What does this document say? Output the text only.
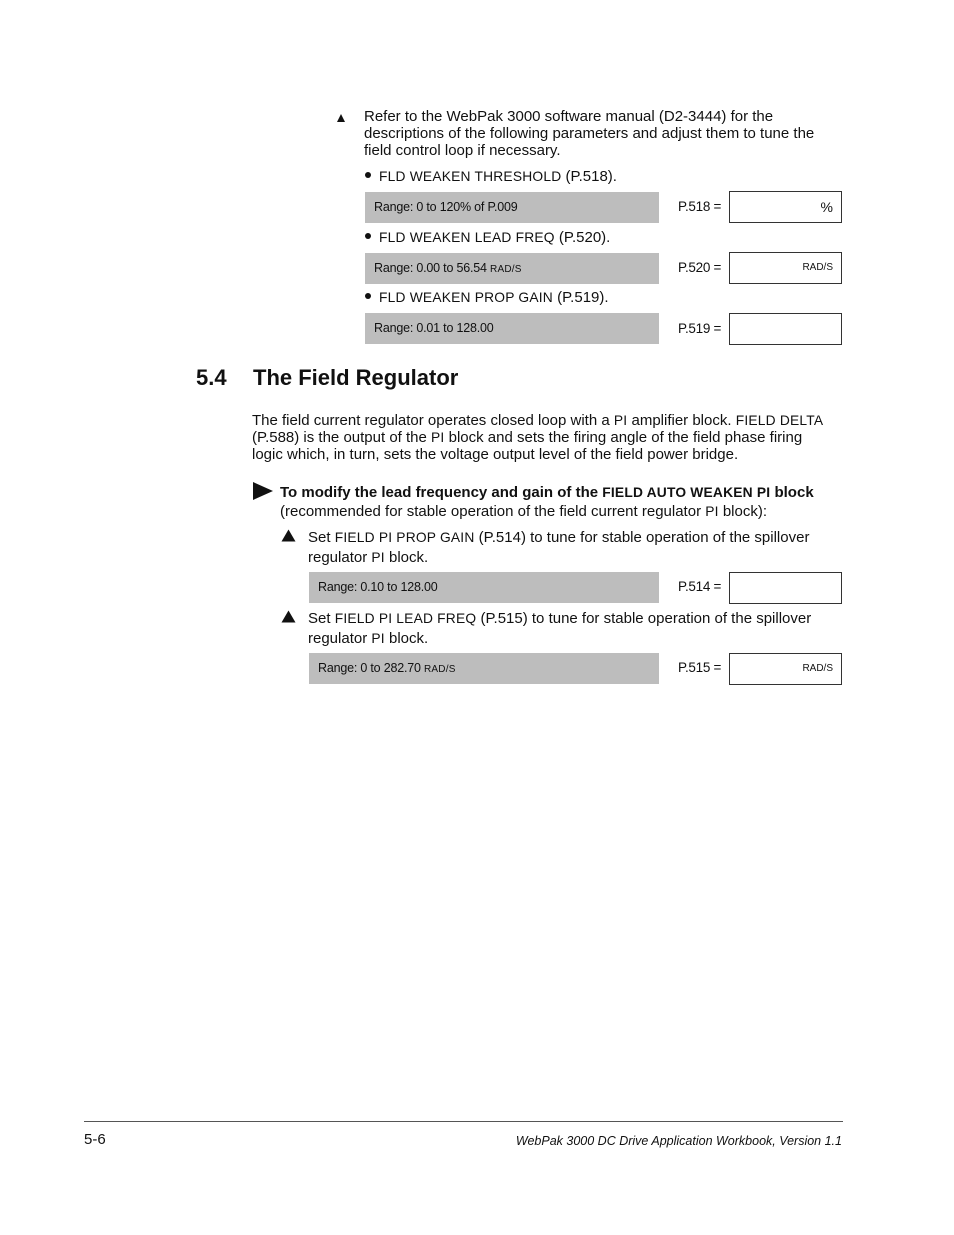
Refer to the WebPak 3000 software manual (D2-3444) for the descriptions of the following parameters and adjust them to tune the field control loop if necessary.
FLD WEAKEN THRESHOLD (P.518).
Range: 0 to 120% of P.009	P.518 =	%
FLD WEAKEN LEAD FREQ (P.520).
Range: 0.00 to 56.54 RAD/S	P.520 =	RAD/S
FLD WEAKEN PROP GAIN (P.519).
Range: 0.01 to 128.00	P.519 =
5.4 The Field Regulator
The field current regulator operates closed loop with a PI amplifier block. FIELD DELTA
(P.588) is the output of the PI block and sets the firing angle of the field phase firing
logic which, in turn, sets the voltage output level of the field power bridge.
To modify the lead frequency and gain of the FIELD AUTO WEAKEN PI block
(recommended for stable operation of the field current regulator PI block):
Set FIELD PI PROP GAIN (P.514) to tune for stable operation of the spillover
regulator PI block.
Range: 0.10 to 128.00	P.514 =
Set FIELD PI LEAD FREQ (P.515) to tune for stable operation of the spillover
regulator PI block.
Range: 0 to 282.70 RAD/S	P.515 =	RAD/S
5-6	WebPak 3000 DC Drive Application Workbook, Version 1.1
